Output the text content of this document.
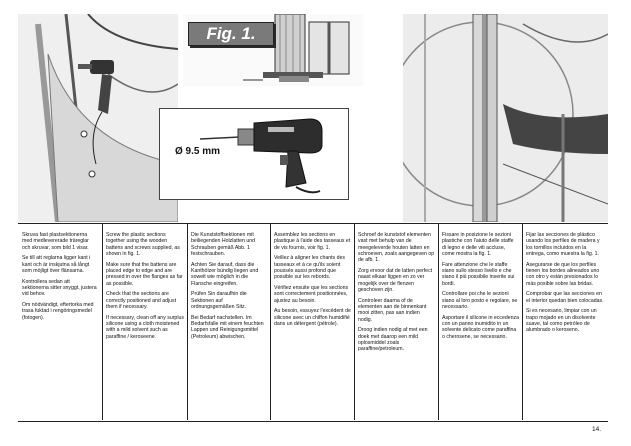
Fig. 1.
Ø 9.5 mm

Skruva fast plastsektionerna med medlevererade träreglar och skruvar, som bild 1 visar.

Se till att reglarna ligger kant i kant och är inskjutna så långt som möjligt över flänsarna.

Kontrollera sedan att sektionerna sitter snyggt, justera vid behov.

Om nödvändigt, eftertorka med trasa fuktad i rengöringsmedel (fotogen).

Screw the plastic sections together using the wooden battens and screws supplied, as shown in fig. 1.

Make sure that the battens are placed edge to edge and are pressed in over the flanges as far as possible.

Check that the sections are correctly positioned and adjust them if necessary.

If necessary, clean off any surplus silicone using a cloth moistened with a mild solvent such as paraffine / keroseene.

Die Kunststoffsektionen mit beiliegenden Holzlatten und Schrauben gemäß Abb. 1 festschrauben.

Achten Sie darauf, dass die Kanthölzer bündig liegen und soweit wie möglich in die Flansche eingreifen.

Prüfen Sin daraufhin die Sektionen auf ordnungsgemäßen Sitz.

Bei Bedarf nachstellen. Im Bedarfsfalle mit einem feuchten Lappen und Reinigungsmittel (Petroleum) abwischen.

Assemblez les sections en plastique à l'aide des tasseaux et de vis fournis, voir fig. 1.

Veillez à aligner les chants des tasseaux et à ce qu'ils soient poussés aussi profond que possible sur les rebords.

Vérifiez ensuite que les sections sont correctement positionnées, ajustez au besoin.

Au besoin, essuyez l'excédent de silicone avec un chiffon humidifié dans un détergent (pétrole).

Schroef de kunststof elementen vast met behulp van de meegeleverde houten latten en schroeven, zoals aangegeven op de afb. 1.

Zorg ervoor dat de latten perfect naast elkaar liggen en zo ver mogelijk over de flenzen geschoven zijn.

Controleer daarna of de elementen aan de binnenkant mooi zitten, pas aan indien nodig.

Droog indien nodig af met een doek met daarop een mild oplosmiddel zoals paraffine/petroleum.

Fissare in posizione le sezioni plastiche con l'aiuto delle staffe di legno e delle viti accluse, come mostra la fig. 1.

Fare attenzione che le staffe siano sullo stesso livello e che siano il più possibile inserite sui bordi.

Controllare poi che le sezioni siano al loro posto e regolare, se necessario.

Asportare il silicone in eccedenza con un panno inumidito in un solvente delicato come paraffina o cherosene, se necessario.

Fijar las secciones de plástico usando los perfiles de madera y los tornillos incluidos en la entrega, como muestra la fig. 1.

Asegurarse de que los perfiles tienen los bordes alineados uno con otro y están presionados lo más posible sobre las bridas.

Comprobar que las secciones en el interior quedan bien colocadas.

Si es necesario, limpiar con un trapo mojado en un disolvente suave, tal como petróleo de alumbrado o keroseno.

14.
